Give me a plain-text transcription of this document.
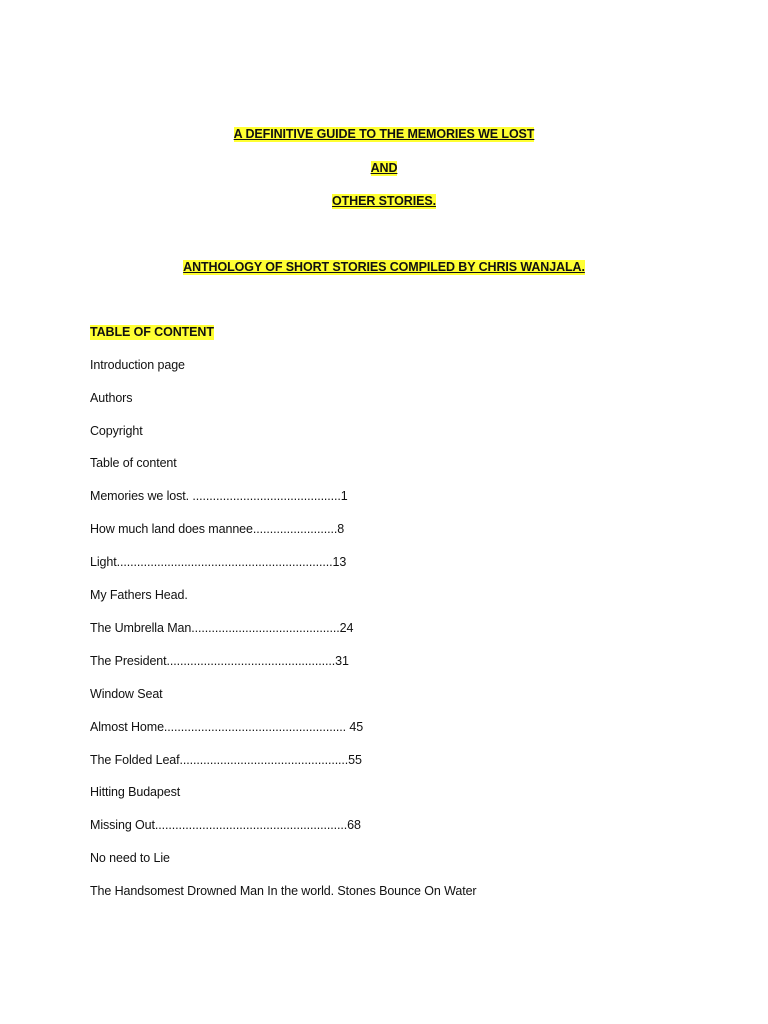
A DEFINITIVE GUIDE TO THE MEMORIES WE LOST
AND
OTHER STORIES.
ANTHOLOGY OF SHORT STORIES COMPILED BY CHRIS WANJALA.
TABLE OF CONTENT
Introduction page
Authors
Copyright
Table of content
Memories we lost. ............................................1
How much land does mannee.........................8
Light................................................................13
My Fathers Head.
The Umbrella Man............................................24
The President..................................................31
Window Seat
Almost Home...................................................... 45
The Folded Leaf..................................................55
Hitting Budapest
Missing Out.........................................................68
No need to Lie
The Handsomest Drowned Man In the world. Stones Bounce On Water
